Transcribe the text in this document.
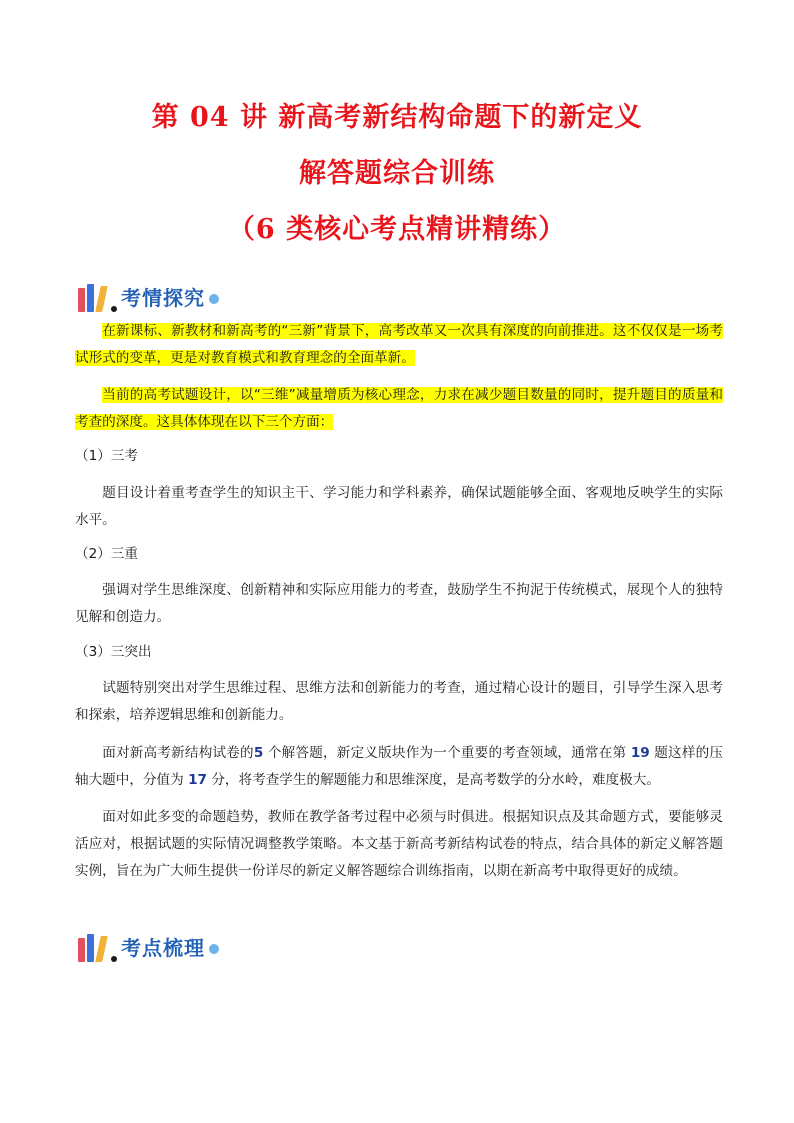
第 04 讲 新高考新结构命题下的新定义
解答题综合训练
（6 类核心考点精讲精练）
考情探究

在新课标、新教材和新高考的“三新”背景下，高考改革又一次具有深度的向前推进。这不仅仅是一场考试形式的变革，更是对教育模式和教育理念的全面革新。

当前的高考试题设计，以“三维”减量增质为核心理念，力求在减少题目数量的同时，提升题目的质量和考查的深度。这具体体现在以下三个方面：

（1）三考

题目设计着重考查学生的知识主干、学习能力和学科素养，确保试题能够全面、客观地反映学生的实际水平。

（2）三重

强调对学生思维深度、创新精神和实际应用能力的考查，鼓励学生不拘泥于传统模式，展现个人的独特见解和创造力。

（3）三突出

试题特别突出对学生思维过程、思维方法和创新能力的考查，通过精心设计的题目，引导学生深入思考和探索，培养逻辑思维和创新能力。

面对新高考新结构试卷的5 个解答题，新定义版块作为一个重要的考查领域，通常在第 19 题这样的压轴大题中，分值为 17 分，将考查学生的解题能力和思维深度，是高考数学的分水岭，难度极大。

面对如此多变的命题趋势，教师在教学备考过程中必须与时俱进。根据知识点及其命题方式，要能够灵活应对，根据试题的实际情况调整教学策略。本文基于新高考新结构试卷的特点，结合具体的新定义解答题实例，旨在为广大师生提供一份详尽的新定义解答题综合训练指南，以期在新高考中取得更好的成绩。

考点梳理
